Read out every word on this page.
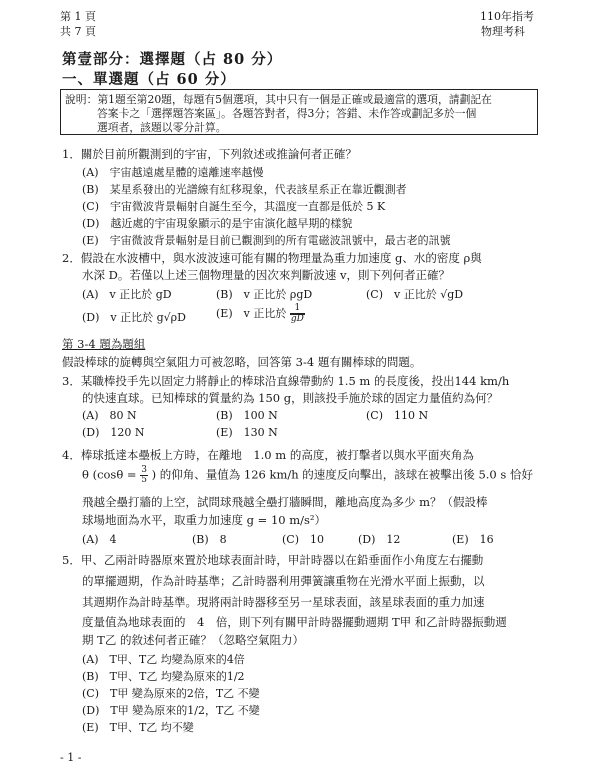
第 1 頁
共 7 頁
110年指考
物理考科
第壹部分：選擇題（占 80 分）
一、單選題（占 60 分）
說明：第1題至第20題，每題有5個選項，其中只有一個是正確或最適當的選項，請劃記在
答案卡之「選擇題答案區」。各題答對者，得3分；答錯、未作答或劃記多於一個
選項者，該題以零分計算。
1．關於目前所觀測到的宇宙，下列敘述或推論何者正確？
(A)　宇宙越遠處星體的遠離速率越慢
(B)　某星系發出的光譜線有紅移現象，代表該星系正在靠近觀測者
(C)　宇宙微波背景輻射自誕生至今，其溫度一直都是低於 5 K
(D)　越近處的宇宙現象顯示的是宇宙演化越早期的樣貌
(E)　宇宙微波背景輻射是目前已觀測到的所有電磁波訊號中，最古老的訊號
2．假設在水波槽中，與水波波速可能有關的物理量為重力加速度 g、水的密度 ρ與
水深 D。若僅以上述三個物理量的因次來判斷波速 v，則下列何者正確？
(A)　v 正比於 gD	(B)　v 正比於 ρgD	(C)　v 正比於 √gD
(D)　v 正比於 g√ρD	(E)　v 正比於 $\frac{1}{gD}$
第 3-4 題為題組
假設棒球的旋轉與空氣阻力可被忽略，回答第 3-4 題有關棒球的問題。
3．某職棒投手先以固定力將靜止的棒球沿直線帶動約 1.5 m 的長度後，投出144 km/h
的快速直球。已知棒球的質量約為 150 g，則該投手施於球的固定力量值約為何？
(A)　80 N	(B)　100 N	(C)　110 N
(D)　120 N	(E)　130 N
4．棒球抵達本壘板上方時，在離地　1.0 m 的高度，被打擊者以與水平面夾角為
θ ($\cos\theta = \frac{3}{5}$ ) 的仰角、量值為 126 km/h 的速度反向擊出，該球在被擊出後 5.0 s 恰好
飛越全壘打牆的上空，試問球飛越全壘打牆瞬間，離地高度為多少 m？（假設棒
球場地面為水平，取重力加速度 g = 10 m/s²）
(A)　4	(B)　8	(C)　10	(D)　12	(E)　16
5．甲、乙兩計時器原來置於地球表面計時，甲計時器以在鉛垂面作小角度左右擺動
的單擺週期，作為計時基準；乙計時器利用彈簧讓重物在光滑水平面上振動，以
其週期作為計時基準。現將兩計時器移至另一星球表面，該星球表面的重力加速
度量值為地球表面的　4　倍，則下列有關甲計時器擺動週期 T甲 和乙計時器振動週
期 T乙 的敘述何者正確？（忽略空氣阻力）
(A)　T甲、T乙 均變為原來的4倍
(B)　T甲、T乙 均變為原來的1/2
(C)　T甲 變為原來的2倍，T乙 不變
(D)　T甲 變為原來的1/2，T乙 不變
(E)　T甲、T乙 均不變
- 1 -
